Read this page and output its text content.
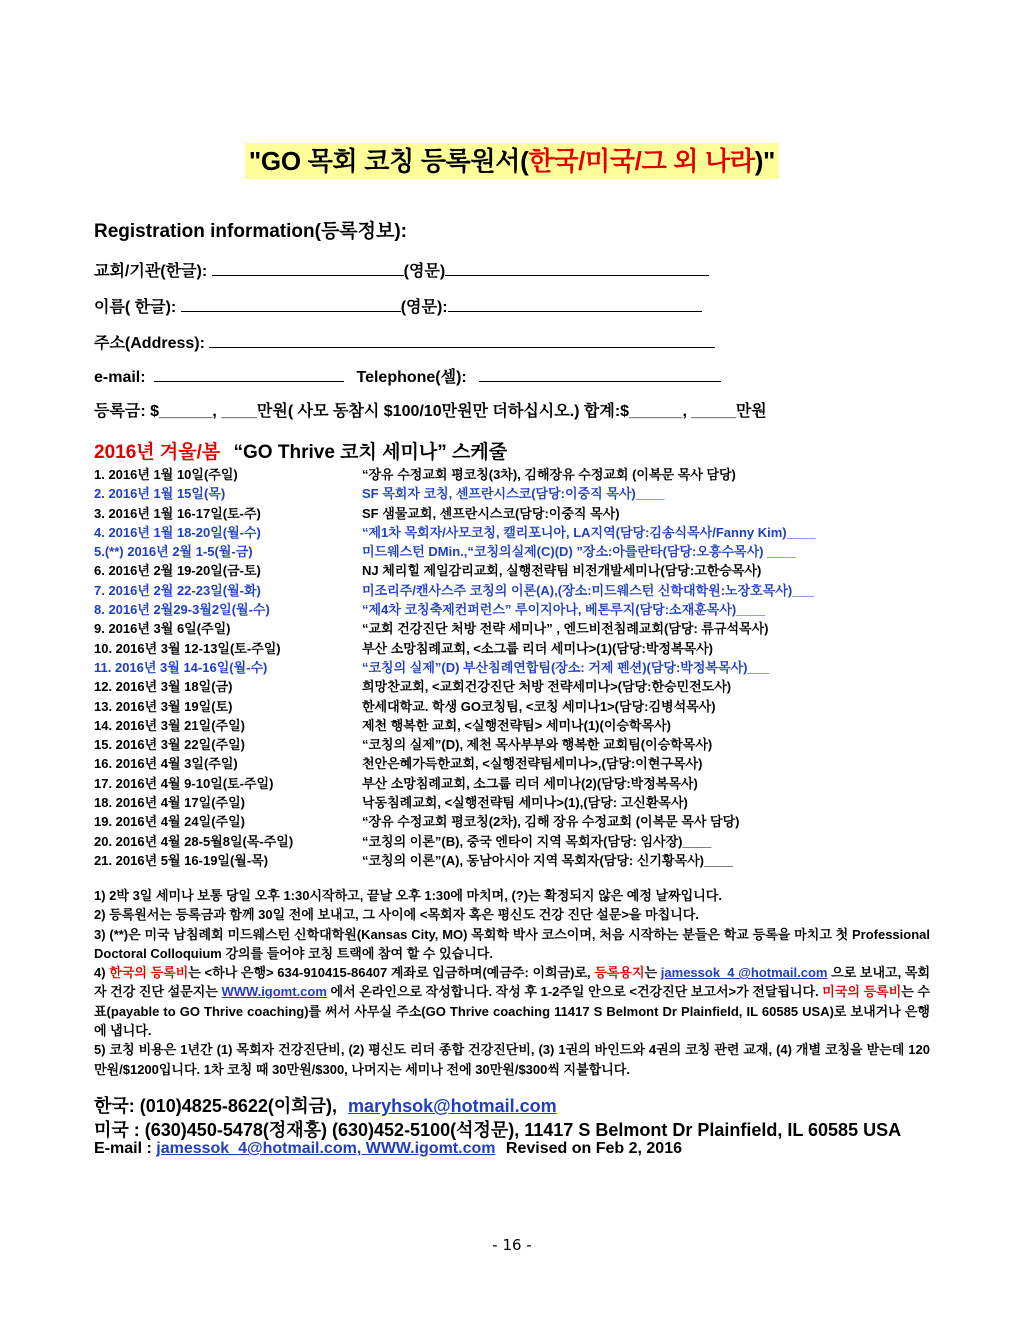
"GO 목회 코칭 등록원서(한국/미국/그 외 나라)"
Registration information(등록정보):
교회/기관(한글):	(영문)
이름( 한글):	(영문):
주소(Address):
e-mail:	Telephone(셀):
등록금: $______, ____만원( 사모 동참시 $100/10만원만 더하십시오.) 합계:$______, _____만원
2016년 겨울/봄 “GO Thrive 코치 세미나” 스케줄
1. 2016년 1월 10일(주일)	“장유 수정교회 평코칭(3차), 김해장유 수정교회 (이복문 목사 담당)
2. 2016년 1월 15일(목)	SF 목회자 코칭, 센프란시스코(담당:이중직 목사)____
3. 2016년 1월 16-17일(토-주)	SF 샘물교회, 센프란시스코(담당:이중직 목사)
4. 2016년 1월 18-20일(월-수)	“제1차 목회자/사모코칭, 캘리포니아, LA지역(담당:김송식목사/Fanny Kim)____
5.(**) 2016년 2월 1-5(월-금)	미드웨스턴 DMin.,“코칭의실제(C)(D) ”장소:아를란타(담당:오흥수목사) ____
6. 2016년 2월 19-20일(금-토)	NJ 체리힐 제일감리교회, 실행전략팀 비전개발세미나(담당:고한승목사)
7. 2016년 2월 22-23일(월-화)	미조리주/캔사스주 코칭의 이론(A),(장소:미드웨스턴 신학대학원:노장호목사)___
8. 2016년 2월29-3월2일(월-수)	“제4차 코칭축제컨퍼런스” 루이지아나, 베톤루지(담당:소재훈목사)____
9. 2016년 3월 6일(주일)	“교회 건강진단 처방 전략 세미나” , 엔드비전침례교회(담당: 류규석목사)
10. 2016년 3월 12-13일(토-주일)	부산 소망침례교회, <소그룹 리더 세미나>(1)(담당:박정복목사)
11. 2016년 3월 14-16일(월-수)	“코칭의 실제”(D) 부산침례연합팀(장소: 거제 펜션)(담당:박정복목사)___
12. 2016년 3월 18일(금)	희망찬교회, <교회건강진단 처방 전략세미나>(담당:한승민전도사)
13. 2016년 3월 19일(토)	한세대학교. 학생 GO코칭팀, <코칭 세미나1>(담당:김병석목사)
14. 2016년 3월 21일(주일)	제천 행복한 교회, <실행전략팀> 세미나(1)(이승학목사)
15. 2016년 3월 22일(주일)	“코칭의 실제”(D), 제천 목사부부와 행복한 교회팀(이승학목사)
16. 2016년 4월 3일(주일)	천안은혜가득한교회, <실행전략팀세미나>,(담당:이현구목사)
17. 2016년 4월 9-10일(토-주일)	부산 소망침례교회, 소그룹 리더 세미나(2)(담당:박정복목사)
18. 2016년 4월 17일(주일)	낙동침례교회, <실행전략팀 세미나>(1),(담당: 고신환목사)
19. 2016년 4월 24일(주일)	“장유 수정교회 평코칭(2차), 김해 장유 수정교회 (이복문 목사 담당)
20. 2016년 4월 28-5월8일(목-주일)	“코칭의 이론”(B), 중국 엔타이 지역 목회자(담당: 임사장)____
21. 2016년 5월 16-19일(월-목)	“코칭의 이론”(A), 동남아시아 지역 목회자(담당: 신기황목사)____

1) 2박 3일 세미나 보통 당일 오후 1:30시작하고, 끝날 오후 1:30에 마치며, (?)는 확정되지 않은 예정 날짜입니다.

2) 등록원서는 등록금과 함께 30일 전에 보내고, 그 사이에 <목회자 혹은 평신도 건강 진단 설문>을 마칩니다.

3) (**)은 미국 남침례회 미드웨스턴 신학대학원(Kansas City, MO) 목회학 박사 코스이며, 처음 시작하는 분들은 학교 등록을 마치고 첫 Professional Doctoral Colloquium 강의를 들어야 코칭 트랙에 참여 할 수 있습니다.

4) 한국의 등록비는 <하나 은행> 634-910415-86407 계좌로 입금하며(예금주: 이희금)로, 등록용지는 jamessok_4 @hotmail.com 으로 보내고, 목회자 건강 진단 설문지는 WWW.igomt.com 에서 온라인으로 작성합니다. 작성 후 1-2주일 안으로 <건강진단 보고서>가 전달됩니다. 미국의 등록비는 수표(payable to GO Thrive coaching)를 써서 사무실 주소(GO Thrive coaching 11417 S Belmont Dr Plainfield, IL 60585 USA)로 보내거나 은행에 냅니다.

5) 코칭 비용은 1년간 (1) 목회자 건강진단비, (2) 평신도 리더 종합 건강진단비, (3) 1권의 바인드와 4권의 코칭 관련 교재, (4) 개별 코칭을 받는데 120만원/$1200입니다. 1차 코칭 때 30만원/$300, 나머지는 세미나 전에 30만원/$300씩 지불합니다.

한국: (010)4825-8622(이희금), maryhsok@hotmail.com
미국 : (630)450-5478(정재홍) (630)452-5100(석정문), 11417 S Belmont Dr Plainfield, IL 60585 USA
E-mail : jamessok_4@hotmail.com, WWW.igomt.com Revised on Feb 2, 2016
- 16 -
